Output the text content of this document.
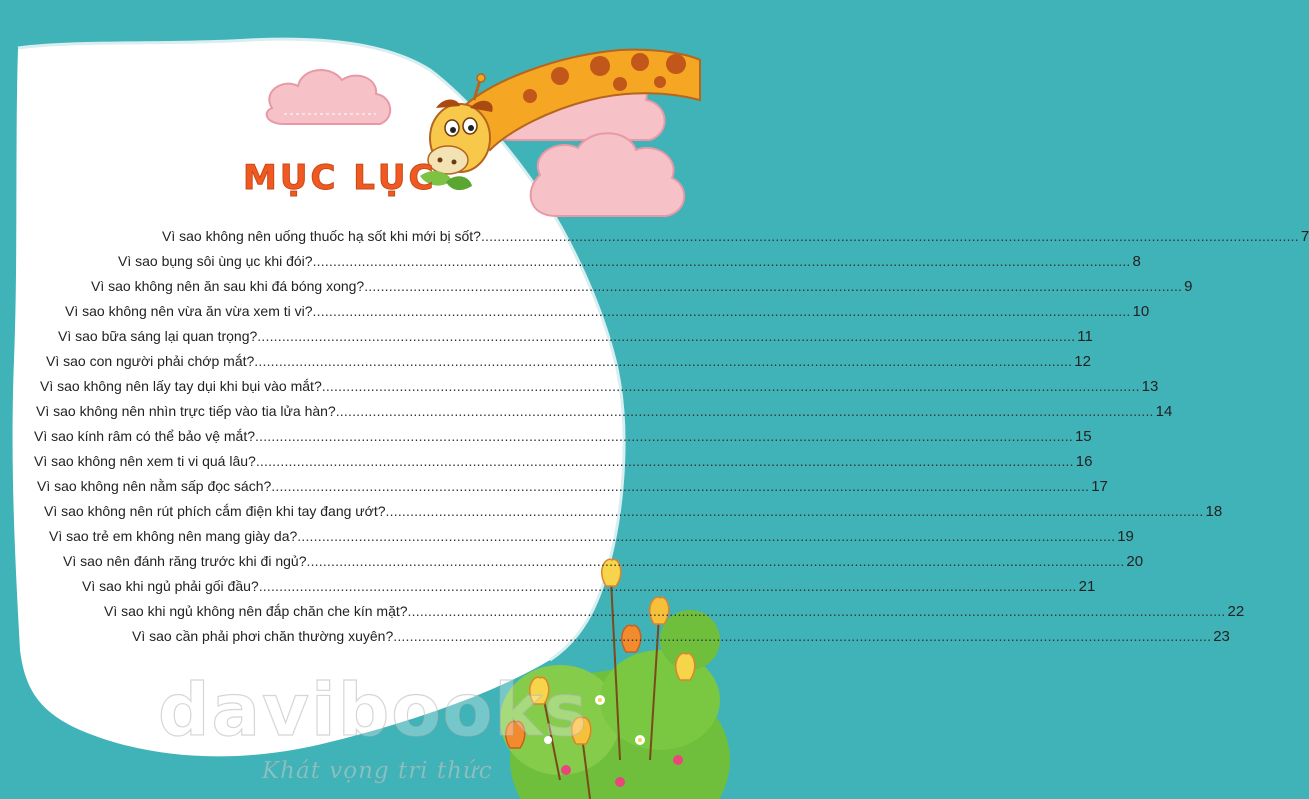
MỤC LỤC
Vì sao không nên uống thuốc hạ sốt khi mới bị sốt? ........................................................................................................................................................................................................ 7
Vì sao bụng sôi ùng ục khi đói? ........................................................................................................................................................................................................ 8
Vì sao không nên ăn sau khi đá bóng xong? ........................................................................................................................................................................................................ 9
Vì sao không nên vừa ăn vừa xem ti vi? ........................................................................................................................................................................................................ 10
Vì sao bữa sáng lại quan trọng? ........................................................................................................................................................................................................ 11
Vì sao con người phải chớp mắt? ........................................................................................................................................................................................................ 12
Vì sao không nên lấy tay dụi khi bụi vào mắt? ........................................................................................................................................................................................................ 13
Vì sao không nên nhìn trực tiếp vào tia lửa hàn? ........................................................................................................................................................................................................ 14
Vì sao kính râm có thể bảo vệ mắt? ........................................................................................................................................................................................................ 15
Vì sao không nên xem ti vi quá lâu? ........................................................................................................................................................................................................ 16
Vì sao không nên nằm sấp đọc sách? ........................................................................................................................................................................................................ 17
Vì sao không nên rút phích cắm điện khi tay đang ướt? ........................................................................................................................................................................................................ 18
Vì sao trẻ em không nên mang giày da? ........................................................................................................................................................................................................ 19
Vì sao nên đánh răng trước khi đi ngủ? ........................................................................................................................................................................................................ 20
Vì sao khi ngủ phải gối đầu? ........................................................................................................................................................................................................ 21
Vì sao khi ngủ không nên đắp chăn che kín mặt? ........................................................................................................................................................................................................ 22
Vì sao cần phải phơi chăn thường xuyên? ........................................................................................................................................................................................................ 23
davibooks
Khát vọng tri thức
